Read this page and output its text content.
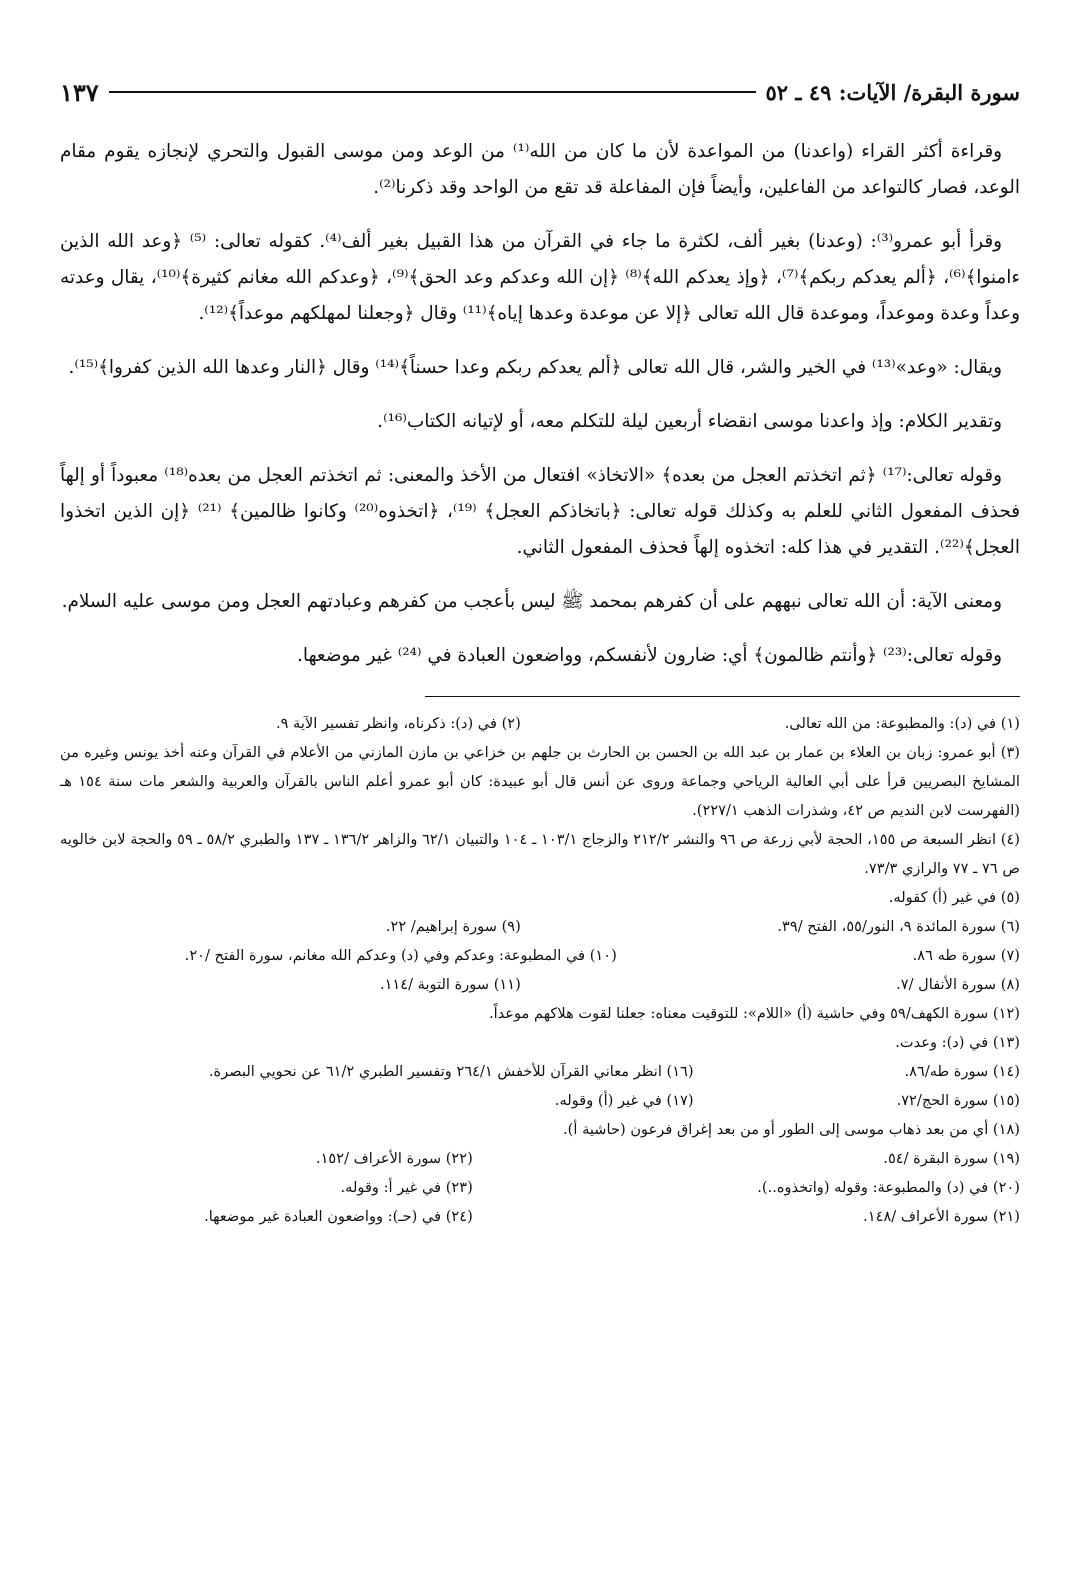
سورة البقرة/ الآيات: ٤٩ ـ ٥٢
١٣٧

وقراءة أكثر القراء (واعدنا) من المواعدة لأن ما كان من الله⁽¹⁾ من الوعد ومن موسى القبول والتحري لإنجازه يقوم مقام الوعد، فصار كالتواعد من الفاعلين، وأيضاً فإن المفاعلة قد تقع من الواحد وقد ذكرنا⁽²⁾.

وقرأ أبو عمرو⁽³⁾: (وعدنا) بغير ألف، لكثرة ما جاء في القرآن من هذا القبيل بغير ألف⁽⁴⁾. كقوله تعالى: ⁽⁵⁾ ﴿وعد الله الذين ءامنوا﴾⁽⁶⁾، ﴿ألم يعدكم ربكم﴾⁽⁷⁾، ﴿وإذ يعدكم الله﴾⁽⁸⁾ ﴿إن الله وعدكم وعد الحق﴾⁽⁹⁾، ﴿وعدكم الله مغانم كثيرة﴾⁽¹⁰⁾، يقال وعدته وعداً وعدة وموعداً، وموعدة قال الله تعالى ﴿إلا عن موعدة وعدها إياه﴾⁽¹¹⁾ وقال ﴿وجعلنا لمهلكهم موعداً﴾⁽¹²⁾.

ويقال: «وعد»⁽¹³⁾ في الخير والشر، قال الله تعالى ﴿ألم يعدكم ربكم وعدا حسناً﴾⁽¹⁴⁾ وقال ﴿النار وعدها الله الذين كفروا﴾⁽¹⁵⁾.

وتقدير الكلام: وإذ واعدنا موسى انقضاء أربعين ليلة للتكلم معه، أو لإتيانه الكتاب⁽¹⁶⁾.

وقوله تعالى:⁽¹⁷⁾ ﴿ثم اتخذتم العجل من بعده﴾ «الاتخاذ» افتعال من الأخذ والمعنى: ثم اتخذتم العجل من بعده⁽¹⁸⁾ معبوداً أو إلهاً فحذف المفعول الثاني للعلم به وكذلك قوله تعالى: ﴿باتخاذكم العجل﴾ ⁽¹⁹⁾، ﴿اتخذوه⁽²⁰⁾ وكانوا ظالمين﴾ ⁽²¹⁾ ﴿إن الذين اتخذوا العجل﴾⁽²²⁾. التقدير في هذا كله: اتخذوه إلهاً فحذف المفعول الثاني.

ومعنى الآية: أن الله تعالى نبههم على أن كفرهم بمحمد ﷺ ليس بأعجب من كفرهم وعبادتهم العجل ومن موسى عليه السلام.

وقوله تعالى:⁽²³⁾ ﴿وأنتم ظالمون﴾ أي: ضارون لأنفسكم، وواضعون العبادة في ⁽²⁴⁾ غير موضعها.

(١) في (د): والمطبوعة: من الله تعالى.
(٢) في (د): ذكرناه، وانظر تفسير الآية ٩.
(٣) أبو عمرو: زبان بن العلاء بن عمار بن عبد الله بن الحسن بن الحارث بن جلهم بن خزاعي بن مازن المازني من الأعلام في القرآن وعنه أخذ يونس وغيره من المشايخ البصريين قرأ على أبي العالية الرياحي وجماعة وروى عن أنس قال أبو عبيدة: كان أبو عمرو أعلم الناس بالقرآن والعربية والشعر مات سنة ١٥٤ هـ (الفهرست لابن النديم ص ٤٢، وشذرات الذهب ٢٢٧/١).
(٤) انظر السبعة ص ١٥٥، الحجة لأبي زرعة ص ٩٦ والنشر ٢١٢/٢ والزجاج ١٠٣/١ ـ ١٠٤ والتبيان ٦٢/١ والزاهر ١٣٦/٢ ـ ١٣٧ والطبري ٥٨/٢ ـ ٥٩ والحجة لابن خالويه ص ٧٦ ـ ٧٧ والرازي ٧٣/٣.
(٥) في غير (أ) كقوله.
(٦) سورة المائدة ٩، النور/٥٥، الفتح /٣٩.
(٩) سورة إبراهيم/ ٢٢.
(٧) سورة طه ٨٦.
(١٠) في المطبوعة: وعدكم وفي (د) وعدكم الله مغانم، سورة الفتح /٢٠.
(٨) سورة الأنفال /٧.
(١١) سورة التوبة /١١٤.
(١٢) سورة الكهف/٥٩ وفي حاشية (أ) «اللام»: للتوقيت معناه: جعلنا لقوت هلاكهم موعداً.
(١٣) في (د): وعدت.
(١٤) سورة طه/٨٦.
(١٦) انظر معاني القرآن للأخفش ٢٦٤/١ وتفسير الطبري ٦١/٢ عن نحويي البصرة.
(١٥) سورة الحج/٧٢.
(١٧) في غير (أ) وقوله.
(١٨) أي من بعد ذهاب موسى إلى الطور أو من بعد إغراق فرعون (حاشية أ).
(١٩) سورة البقرة /٥٤.
(٢٢) سورة الأعراف /١٥٢.
(٢٠) في (د) والمطبوعة: وقوله (واتخذوه..).
(٢٣) في غير أ: وقوله.
(٢١) سورة الأعراف /١٤٨.
(٢٤) في (حـ): وواضعون العبادة غير موضعها.
